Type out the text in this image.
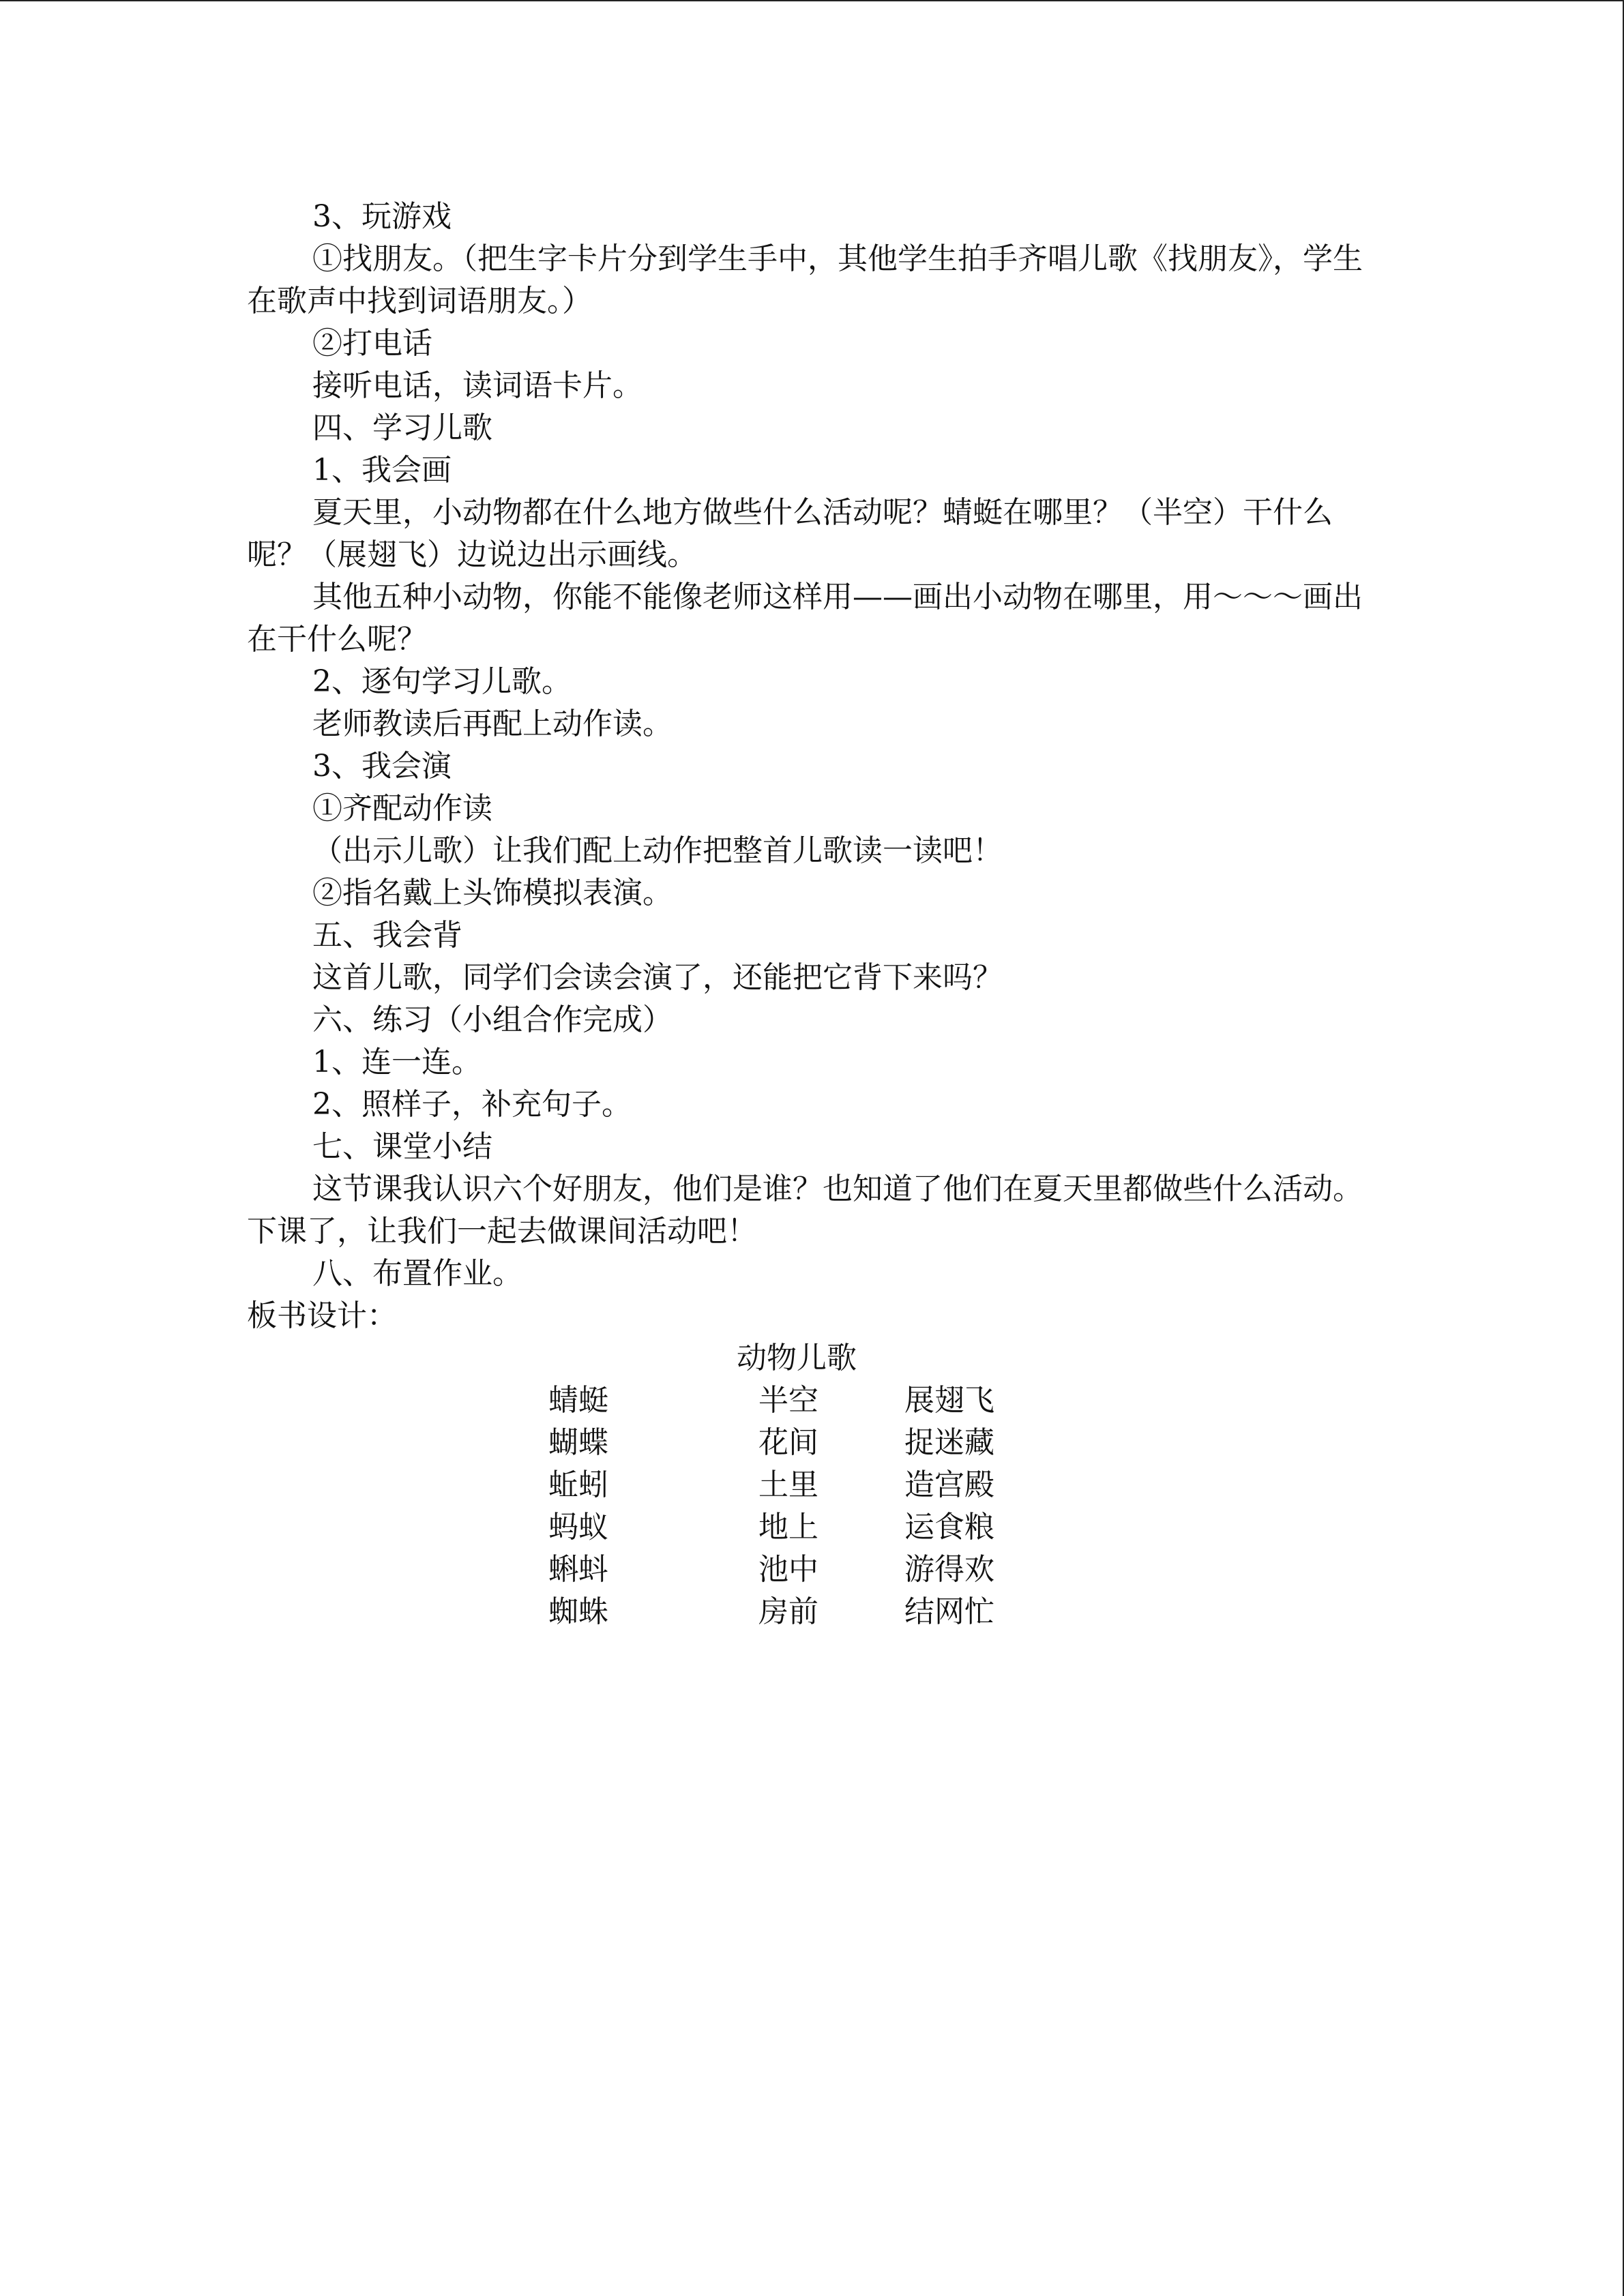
3、玩游戏

①找朋友。（把生字卡片分到学生手中，其他学生拍手齐唱儿歌《找朋友》，学生在歌声中找到词语朋友。）

②打电话

接听电话，读词语卡片。

四、学习儿歌

1、我会画

夏天里，小动物都在什么地方做些什么活动呢？蜻蜓在哪里？（半空）干什么呢？（展翅飞）边说边出示画线。

其他五种小动物，你能不能像老师这样用——画出小动物在哪里，用～～～画出在干什么呢？

2、逐句学习儿歌。

老师教读后再配上动作读。

3、我会演

①齐配动作读

（出示儿歌）让我们配上动作把整首儿歌读一读吧！

②指名戴上头饰模拟表演。

五、我会背

这首儿歌，同学们会读会演了，还能把它背下来吗？

六、练习（小组合作完成）

1、连一连。

2、照样子，补充句子。

七、课堂小结

这节课我认识六个好朋友，他们是谁？也知道了他们在夏天里都做些什么活动。下课了，让我们一起去做课间活动吧！

八、布置作业。

板书设计：

动物儿歌

蜻蜓	半空	展翅飞
蝴蝶	花间	捉迷藏
蚯蚓	土里	造宫殿
蚂蚁	地上	运食粮
蝌蚪	池中	游得欢
蜘蛛	房前	结网忙
